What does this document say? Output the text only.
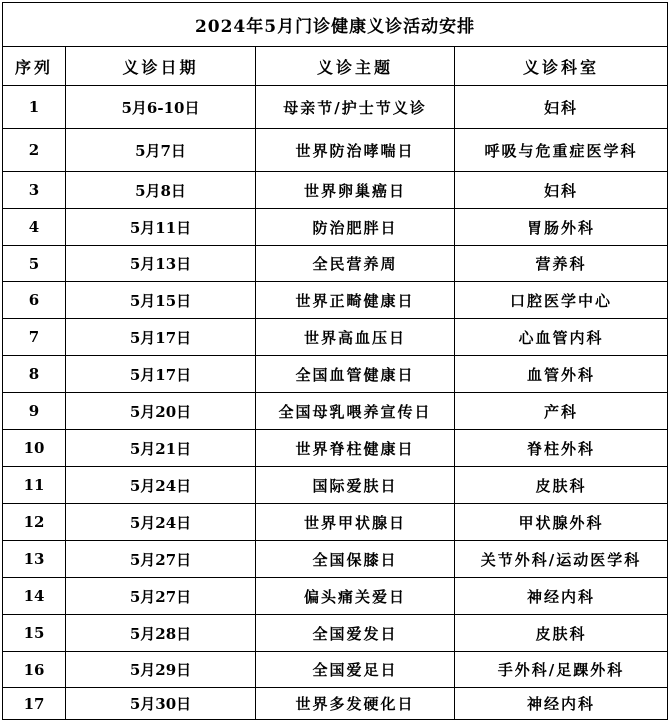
2024年5月门诊健康义诊活动安排			
序列	义诊日期	义诊主题	义诊科室
1	5月6-10日	母亲节/护士节义诊	妇科
2	5月7日	世界防治哮喘日	呼吸与危重症医学科
3	5月8日	世界卵巢癌日	妇科
4	5月11日	防治肥胖日	胃肠外科
5	5月13日	全民营养周	营养科
6	5月15日	世界正畸健康日	口腔医学中心
7	5月17日	世界高血压日	心血管内科
8	5月17日	全国血管健康日	血管外科
9	5月20日	全国母乳喂养宣传日	产科
10	5月21日	世界脊柱健康日	脊柱外科
11	5月24日	国际爱肤日	皮肤科
12	5月24日	世界甲状腺日	甲状腺外科
13	5月27日	全国保膝日	关节外科/运动医学科
14	5月27日	偏头痛关爱日	神经内科
15	5月28日	全国爱发日	皮肤科
16	5月29日	全国爱足日	手外科/足踝外科
17	5月30日	世界多发硬化日	神经内科
